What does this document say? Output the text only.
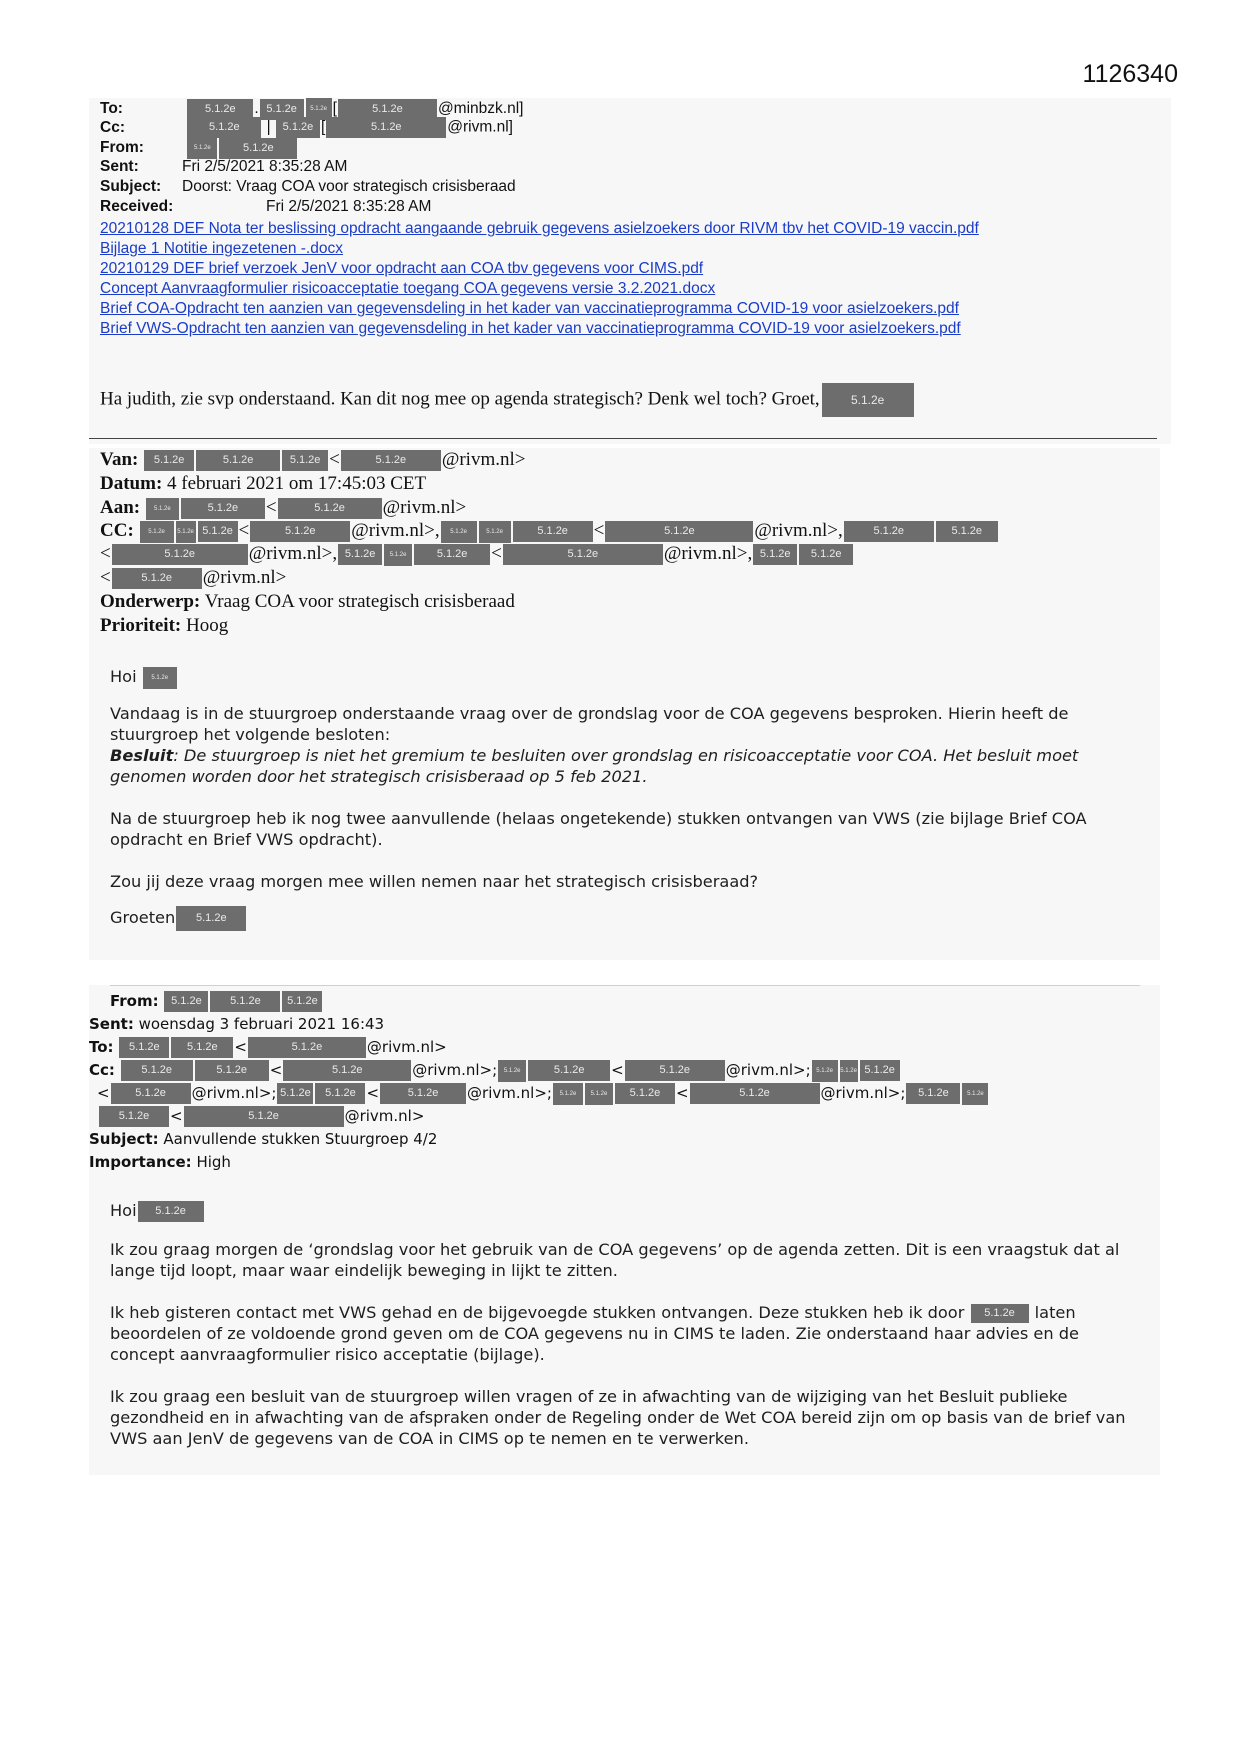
1126340
To:	5.1.2e . 5.1.2e 5.1.2e [	5.1.2e @minbzk.nl]
Cc:	5.1.2e | 5.1.2e [	5.1.2e	@rivm.nl]
From:	5.1.2e	5.1.2e
Sent:	Fri 2/5/2021 8:35:28 AM
Subject: Doorst: Vraag COA voor strategisch crisisberaad
Received:	Fri 2/5/2021 8:35:28 AM
20210128 DEF Nota ter beslissing opdracht aangaande gebruik gegevens asielzoekers door RIVM tbv het COVID-19 vaccin.pdf
Bijlage 1 Notitie ingezetenen -.docx
20210129 DEF brief verzoek JenV voor opdracht aan COA tbv gegevens voor CIMS.pdf
Concept Aanvraagformulier risicoacceptatie toegang COA gegevens versie 3.2.2021.docx
Brief COA-Opdracht ten aanzien van gegevensdeling in het kader van vaccinatieprogramma COVID-19 voor asielzoekers.pdf
Brief VWS-Opdracht ten aanzien van gegevensdeling in het kader van vaccinatieprogramma COVID-19 voor asielzoekers.pdf
Ha judith, zie svp onderstaand. Kan dit nog mee op agenda strategisch? Denk wel toch? Groet,	5.1.2e
Van: 5.1.2e	5.1.2e	5.1.2e <	5.1.2e @rivm.nl>
Datum: 4 februari 2021 om 17:45:03 CET
Aan: 5.1.2e	5.1.2e <	5.1.2e @rivm.nl>
CC: 5.1.2e 5.1.2e 5.1.2e <	5.1.2e @rivm.nl>, 5.1.2e	5.1.2e	5.1.2e <	5.1.2e	@rivm.nl>,	5.1.2e	5.1.2e
<	5.1.2e	@rivm.nl>, 5.1.2e 5.1.2e	5.1.2e <	5.1.2e	@rivm.nl>, 5.1.2e 5.1.2e
<	5.1.2e @rivm.nl>
Onderwerp: Vraag COA voor strategisch crisisberaad
Prioriteit: Hoog

Hoi 5.1.2e

Vandaag is in de stuurgroep onderstaande vraag over de grondslag voor de COA gegevens besproken. Hierin heeft de stuurgroep het volgende besloten:

Besluit: De stuurgroep is niet het gremium te besluiten over grondslag en risicoacceptatie voor COA. Het besluit moet genomen worden door het strategisch crisisberaad op 5 feb 2021.

Na de stuurgroep heb ik nog twee aanvullende (helaas ongetekende) stukken ontvangen van VWS (zie bijlage Brief COA opdracht en Brief VWS opdracht).

Zou jij deze vraag morgen mee willen nemen naar het strategisch crisisberaad?

Groeten 5.1.2e

From: 5.1.2e	5.1.2e 5.1.2e
Sent: woensdag 3 februari 2021 16:43
To: 5.1.2e 5.1.2e <	5.1.2e	@rivm.nl>
Cc: 5.1.2e	5.1.2e <	5.1.2e	@rivm.nl>; 5.1.2e	5.1.2e <	5.1.2e @rivm.nl>; 5.1.2e 5.1.2e 5.1.2e
< 5.1.2e @rivm.nl>; 5.1.2e 5.1.2e <	5.1.2e @rivm.nl>; 5.1.2e 5.1.2e 5.1.2e <	5.1.2e	@rivm.nl>; 5.1.2e	5.1.2e
5.1.2e <	5.1.2e	@rivm.nl>
Subject: Aanvullende stukken Stuurgroep 4/2
Importance: High

Hoi 5.1.2e

Ik zou graag morgen de ‘grondslag voor het gebruik van de COA gegevens’ op de agenda zetten. Dit is een vraagstuk dat al lange tijd loopt, maar waar eindelijk beweging in lijkt te zitten.

Ik heb gisteren contact met VWS gehad en de bijgevoegde stukken ontvangen. Deze stukken heb ik door 5.1.2e laten beoordelen of ze voldoende grond geven om de COA gegevens nu in CIMS te laden. Zie onderstaand haar advies en de concept aanvraagformulier risico acceptatie (bijlage).

Ik zou graag een besluit van de stuurgroep willen vragen of ze in afwachting van de wijziging van het Besluit publieke gezondheid en in afwachting van de afspraken onder de Regeling onder de Wet COA bereid zijn om op basis van de brief van VWS aan JenV de gegevens van de COA in CIMS op te nemen en te verwerken.
